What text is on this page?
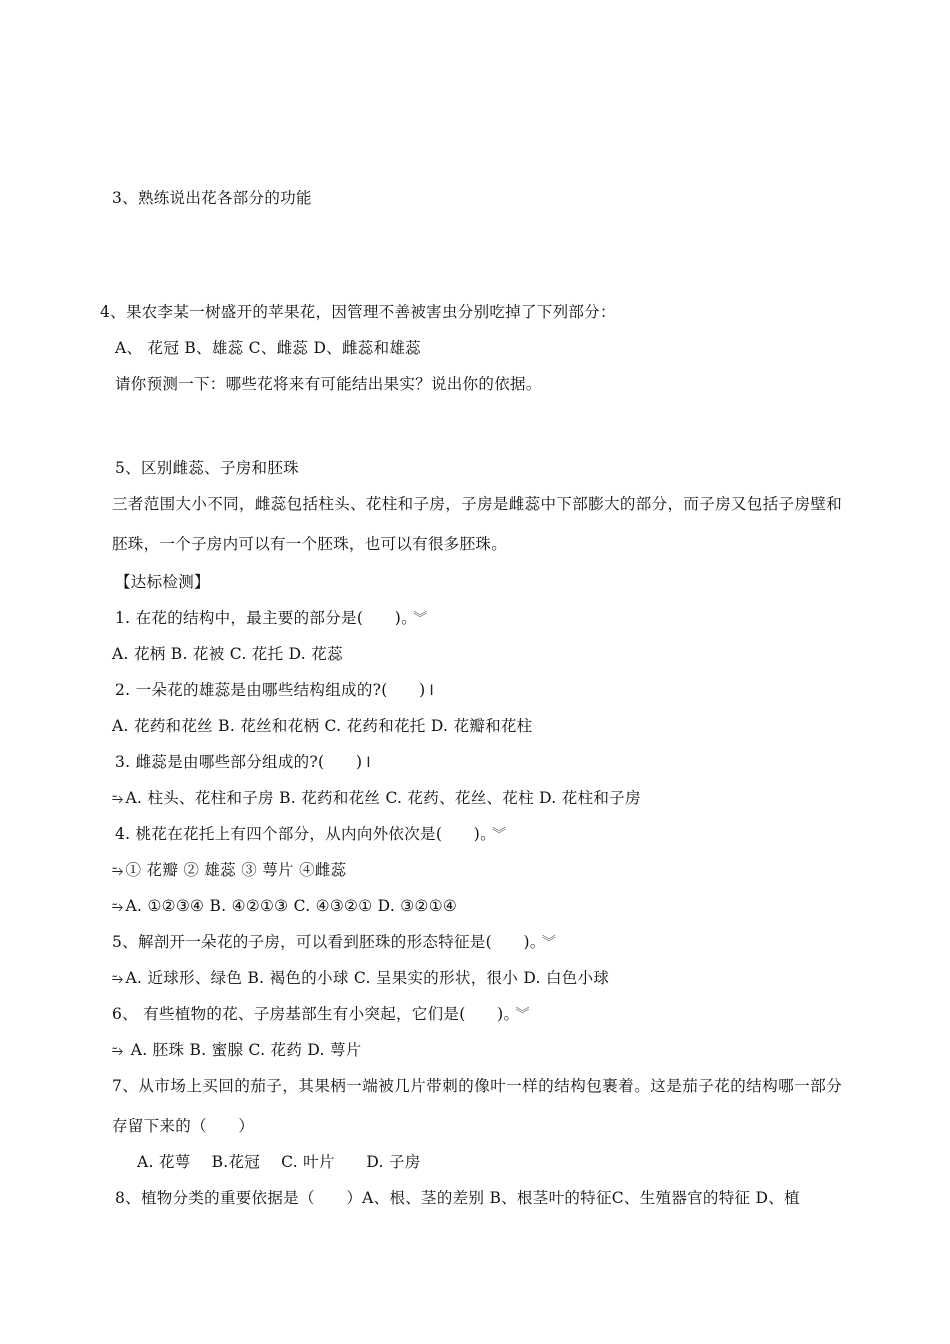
3、熟练说出花各部分的功能
4、果农李某一树盛开的苹果花，因管理不善被害虫分别吃掉了下列部分：
A、 花冠 B、雄蕊 C、雌蕊 D、雌蕊和雄蕊
请你预测一下：哪些花将来有可能结出果实？说出你的依据。
5、区别雌蕊、子房和胚珠
三者范围大小不同，雌蕊包括柱头、花柱和子房，子房是雌蕊中下部膨大的部分，而子房又包括子房壁和胚珠，一个子房内可以有一个胚珠，也可以有很多胚珠。
【达标检测】
1. 在花的结构中，最主要的部分是(　　)。 ︾
A. 花柄 B. 花被 C. 花托 D. 花蕊
2. 一朵花的雄蕊是由哪些结构组成的?(　　) I
A. 花药和花丝 B. 花丝和花柄 C. 花药和花托 D. 花瓣和花柱
3. 雌蕊是由哪些部分组成的?(　　) I
⥲ A. 柱头、花柱和子房 B. 花药和花丝 C. 花药、花丝、花柱 D. 花柱和子房
4. 桃花在花托上有四个部分，从内向外依次是(　　)。 ︾
⥲ ① 花瓣 ② 雄蕊 ③ 萼片 ④雌蕊
⥲ A. ①②③④ B. ④②①③ C. ④③②① D. ③②①④
5、解剖开一朵花的子房，可以看到胚珠的形态特征是(　　)。 ︾
⥲ A. 近球形、绿色 B. 褐色的小球 C. 呈果实的形状，很小 D. 白色小球
6、 有些植物的花、子房基部生有小突起，它们是(　　)。 ︾
⥲ A. 胚珠 B. 蜜腺 C. 花药 D. 萼片
7、从市场上买回的茄子，其果柄一端被几片带刺的像叶一样的结构包裹着。这是茄子花的结构哪一部分存留下来的（　　）
A. 花萼　 B.花冠　 C. 叶片　　D. 子房
8、植物分类的重要依据是（　　）A、根、茎的差别 B、根茎叶的特征C、生殖器官的特征 D、植
